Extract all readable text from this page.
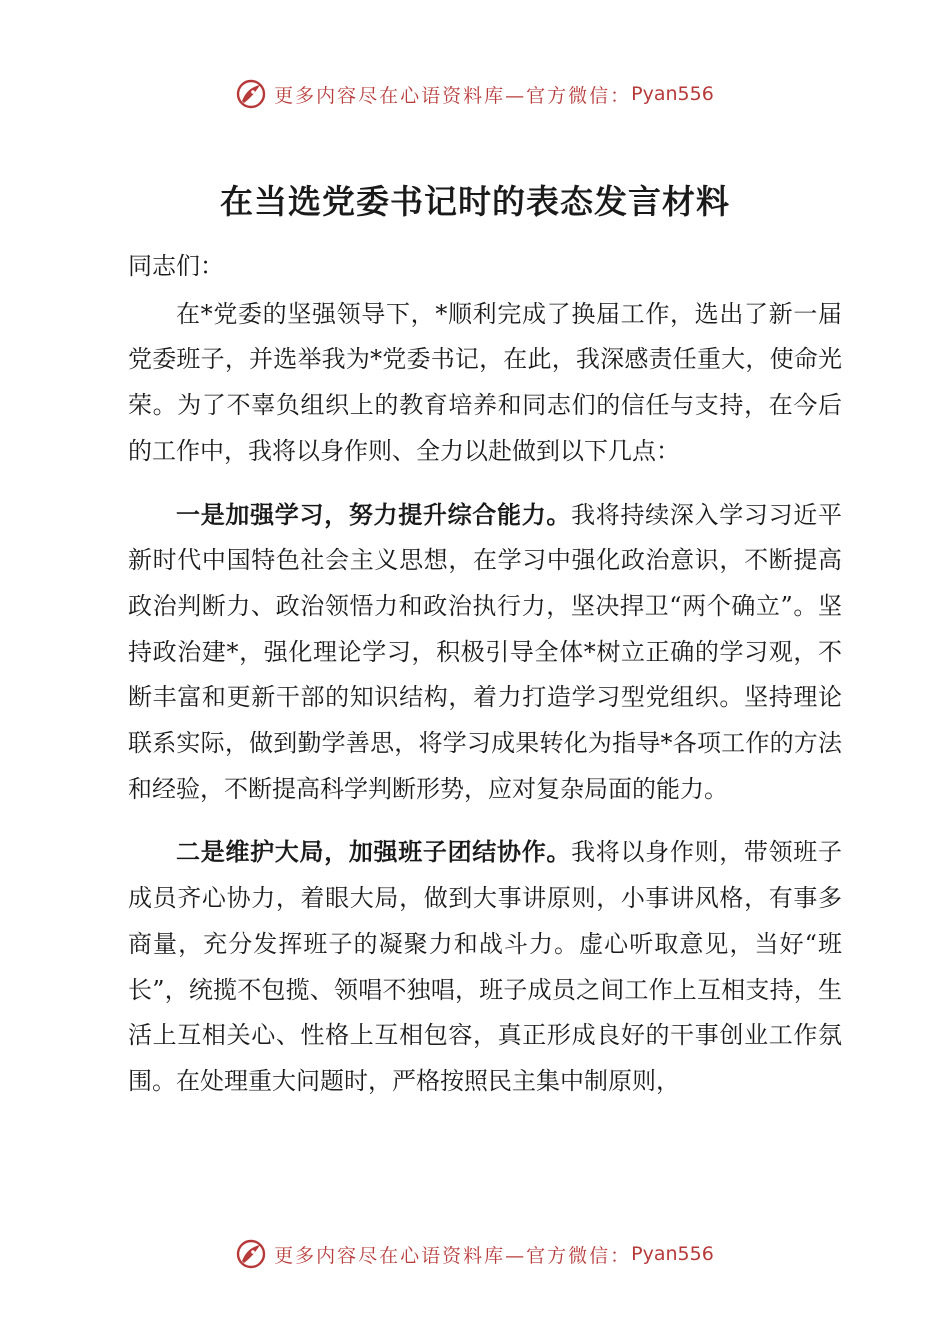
更多内容尽在心语资料库—官方微信： Pyan556
在当选党委书记时的表态发言材料

同志们：

在*党委的坚强领导下，*顺利完成了换届工作，选出了新一届党委班子，并选举我为*党委书记，在此，我深感责任重大，使命光荣。为了不辜负组织上的教育培养和同志们的信任与支持，在今后的工作中，我将以身作则、全力以赴做到以下几点：

一是加强学习，努力提升综合能力。我将持续深入学习习近平新时代中国特色社会主义思想，在学习中强化政治意识，不断提高政治判断力、政治领悟力和政治执行力，坚决捍卫“两个确立”。坚持政治建*，强化理论学习，积极引导全体*树立正确的学习观，不断丰富和更新干部的知识结构，着力打造学习型党组织。坚持理论联系实际，做到勤学善思，将学习成果转化为指导*各项工作的方法和经验，不断提高科学判断形势，应对复杂局面的能力。

二是维护大局，加强班子团结协作。我将以身作则，带领班子成员齐心协力，着眼大局，做到大事讲原则，小事讲风格，有事多商量，充分发挥班子的凝聚力和战斗力。虚心听取意见，当好“班长”，统揽不包揽、领唱不独唱，班子成员之间工作上互相支持，生活上互相关心、性格上互相包容，真正形成良好的干事创业工作氛围。在处理重大问题时，严格按照民主集中制原则，

更多内容尽在心语资料库—官方微信： Pyan556
